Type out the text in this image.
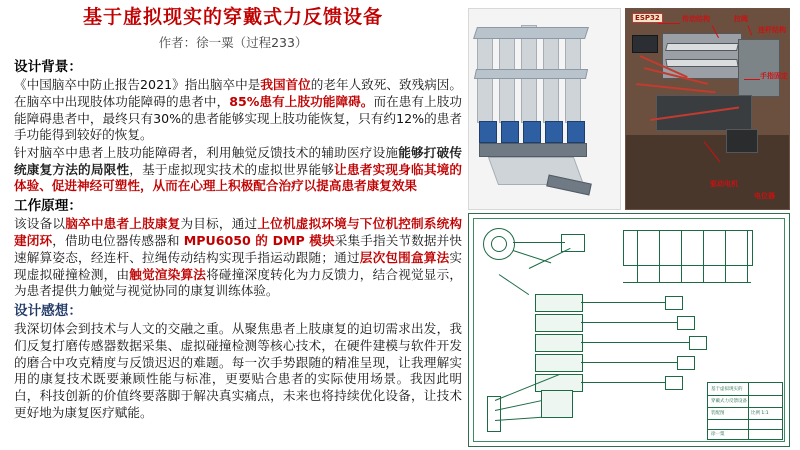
基于虚拟现实的穿戴式力反馈设备
作者：徐一粟（过程233）
设计背景：
《中国脑卒中防止报告2021》指出脑卒中是我国首位的老年人致死、致残病因。在脑卒中出现肢体功能障碍的患者中，85%患有上肢功能障碍。而在患有上肢功能障碍患者中，最终只有30%的患者能够实现上肢功能恢复，只有约12%的患者手功能得到较好的恢复。
针对脑卒中患者上肢功能障碍者，利用触觉反馈技术的辅助医疗设施能够打破传统康复方法的局限性，基于虚拟现实技术的虚拟世界能够让患者实现身临其境的体验、促进神经可塑性，从而在心理上积极配合治疗以提高患者康复效果
工作原理：
该设备以脑卒中患者上肢康复为目标，通过上位机虚拟环境与下位机控制系统构建闭环，借助电位器传感器和 MPU6050 的 DMP 模块采集手指关节数据并快速解算姿态，经连杆、拉绳传动结构实现手指运动跟随；通过层次包围盒算法实现虚拟碰撞检测，由触觉渲染算法将碰撞深度转化为力反馈力，结合视觉显示，为患者提供力触觉与视觉协同的康复训练体验。
设计感想：
我深切体会到技术与人文的交融之重。从聚焦患者上肢康复的迫切需求出发，我们反复打磨传感器数据采集、虚拟碰撞检测等核心技术，在硬件建模与软件开发的磨合中攻克精度与反馈迟迟的难题。每一次手势跟随的精准呈现，让我理解实用的康复技术既要兼顾性能与标准，更要贴合患者的实际使用场景。我因此明白，科技创新的价值终要落脚于解决真实痛点，未来也将持续优化设备，让技术更好地为康复医疗赋能。
ESP32	传动结构	拉绳
连杆结构
手指固定
驱动电机
电位器
基于虚拟现实的
穿戴式力反馈设备
装配图	比例 1:1
徐一粟
